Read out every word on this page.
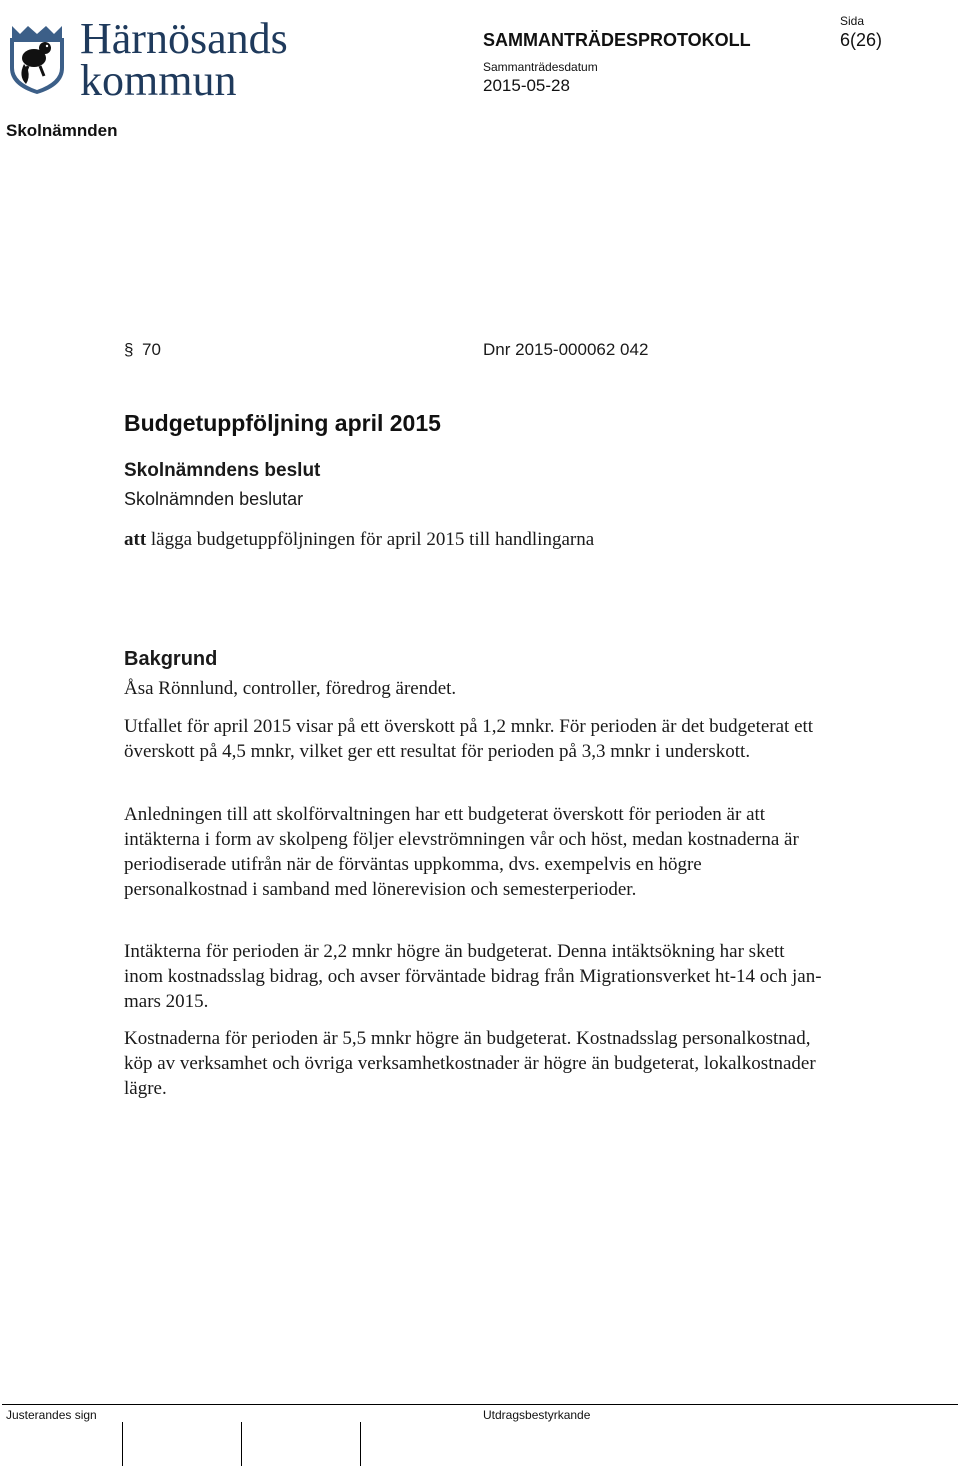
Härnösands
kommun
Sida
6(26)
SAMMANTRÄDESPROTOKOLL
Sammanträdesdatum
2015-05-28
Skolnämnden
§ 70	Dnr 2015-000062 042
Budgetuppföljning april 2015
Skolnämndens beslut
Skolnämnden beslutar
att lägga budgetuppföljningen för april 2015 till handlingarna
Bakgrund

Åsa Rönnlund, controller, föredrog ärendet.

Utfallet för april 2015 visar på ett överskott på 1,2 mnkr. För perioden är det budgeterat ett överskott på 4,5 mnkr, vilket ger ett resultat för perioden på 3,3 mnkr i underskott.

Anledningen till att skolförvaltningen har ett budgeterat överskott för perioden är att intäkterna i form av skolpeng följer elevströmningen vår och höst, medan kostnaderna är periodiserade utifrån när de förväntas uppkomma, dvs. exempelvis en högre personalkostnad i samband med lönerevision och semesterperioder.

Intäkterna för perioden är 2,2 mnkr högre än budgeterat. Denna intäktsökning har skett inom kostnadsslag bidrag, och avser förväntade bidrag från Migrationsverket ht-14 och jan-mars 2015.

Kostnaderna för perioden är 5,5 mnkr högre än budgeterat. Kostnadsslag personalkostnad, köp av verksamhet och övriga verksamhetkostnader är högre än budgeterat, lokalkostnader lägre.

Justerandes sign	Utdragsbestyrkande
